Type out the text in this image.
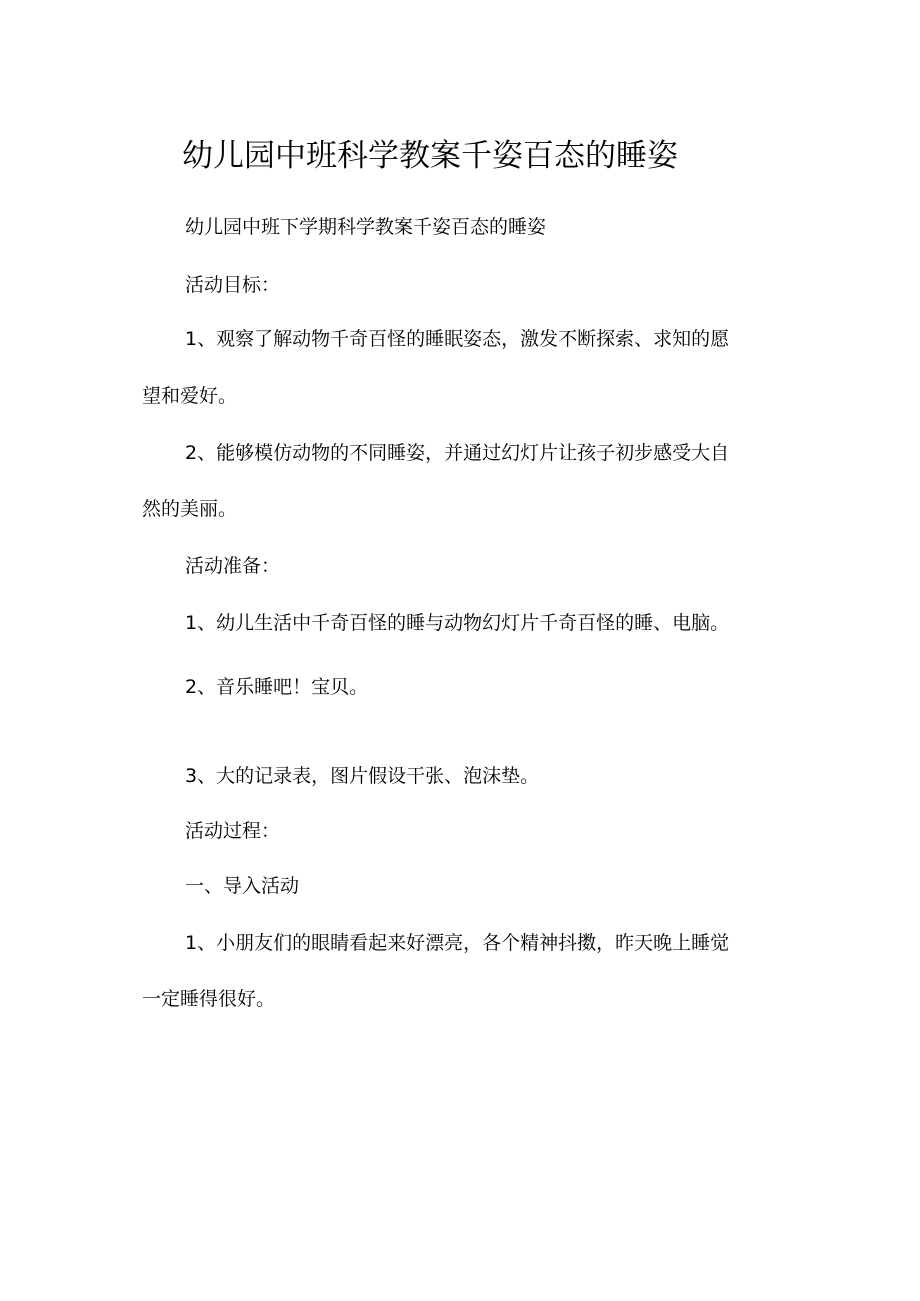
幼儿园中班科学教案千姿百态的睡姿

幼儿园中班下学期科学教案千姿百态的睡姿

活动目标：

1、观察了解动物千奇百怪的睡眠姿态，激发不断探索、求知的愿

望和爱好。

2、能够模仿动物的不同睡姿，并通过幻灯片让孩子初步感受大自

然的美丽。

活动准备：

1、幼儿生活中千奇百怪的睡与动物幻灯片千奇百怪的睡、电脑。

2、音乐睡吧！宝贝。

3、大的记录表，图片假设干张、泡沫垫。

活动过程：

一、导入活动

1、小朋友们的眼睛看起来好漂亮，各个精神抖擞，昨天晚上睡觉

一定睡得很好。
